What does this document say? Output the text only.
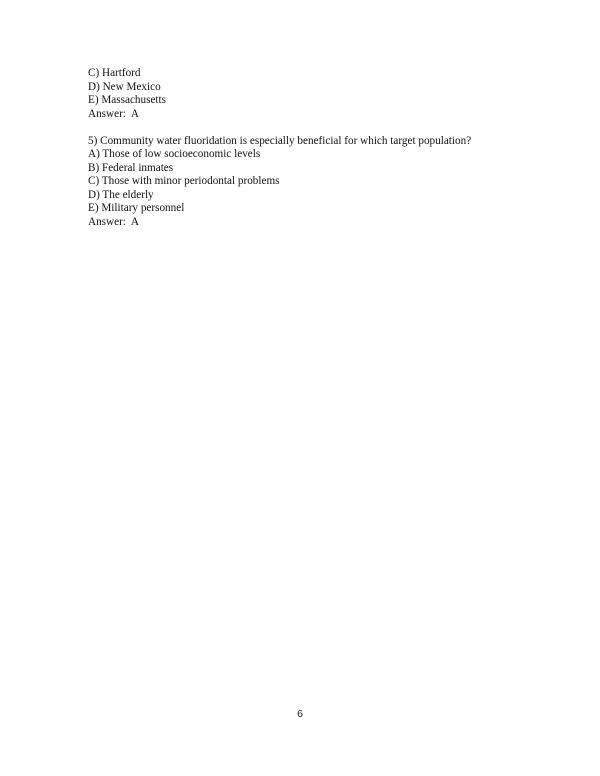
C) Hartford
D) New Mexico
E) Massachusetts
Answer:  A
5) Community water fluoridation is especially beneficial for which target population?
A) Those of low socioeconomic levels
B) Federal inmates
C) Those with minor periodontal problems
D) The elderly
E) Military personnel
Answer:  A
6
